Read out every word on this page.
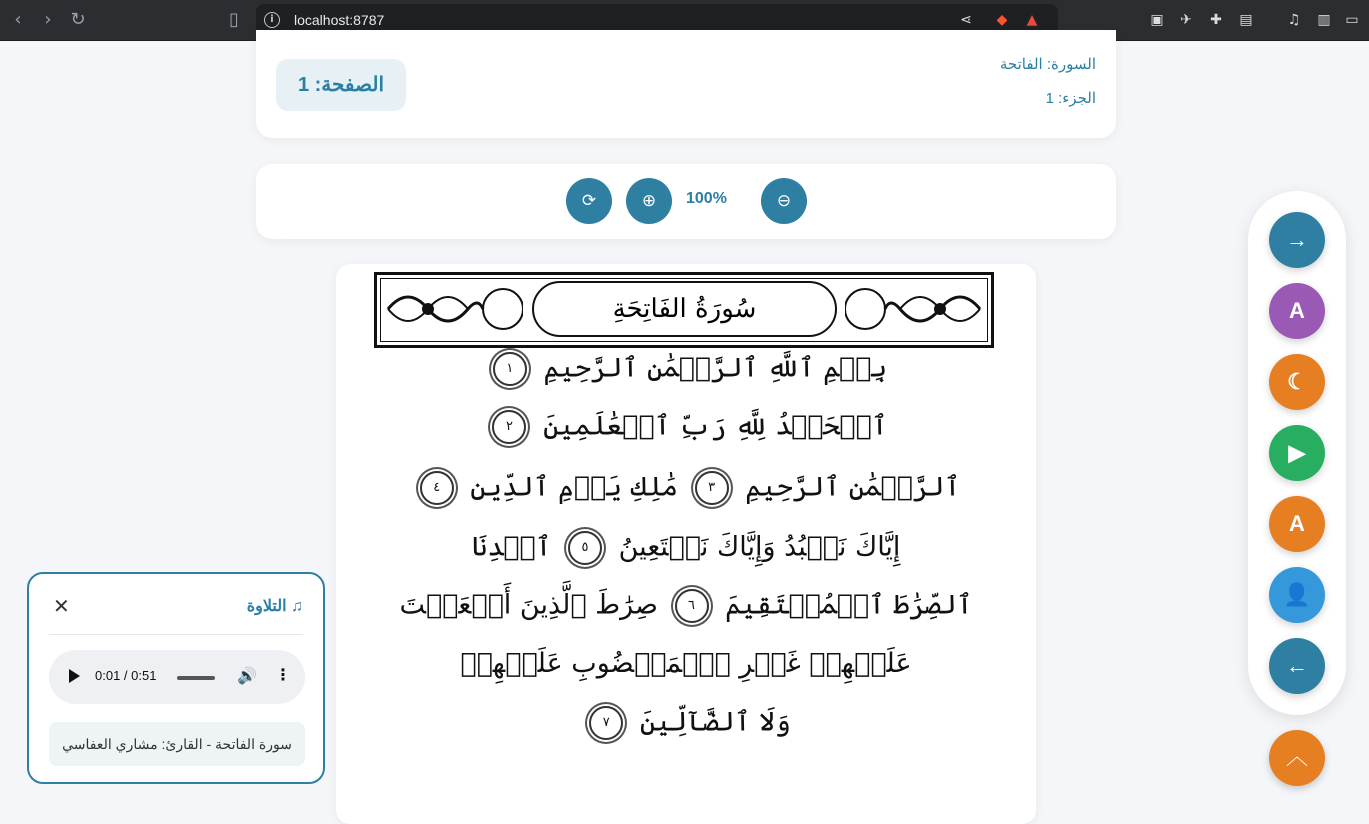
‹	›	↻	▯	i	localhost:8787	⋖	◆	▲	▣ ✈ ✚ ▤	♫ ▥ ▭
السورة: الفاتحة
الجزء: 1
الصفحة: 1
⟳	⊕	100%	⊖
سُورَةُ الفَاتِحَةِ
بِسۡمِ ٱللَّهِ ٱلرَّحۡمَٰنِ ٱلرَّحِيمِ ١
ٱلۡحَمۡدُ لِلَّهِ رَبِّ ٱلۡعَٰلَمِينَ ٢
ٱلرَّحۡمَٰنِ ٱلرَّحِيمِ ٣ مَٰلِكِ يَوۡمِ ٱلدِّينِ ٤
إِيَّاكَ نَعۡبُدُ وَإِيَّاكَ نَسۡتَعِينُ ٥ ٱهۡدِنَا
ٱلصِّرَٰطَ ٱلۡمُسۡتَقِيمَ ٦ صِرَٰطَ ٱلَّذِينَ أَنۡعَمۡتَ
عَلَيۡهِمۡ غَيۡرِ ٱلۡمَغۡضُوبِ عَلَيۡهِمۡ
وَلَا ٱلضَّآلِّينَ ٧
♫ التلاوة
✕
0:01 / 0:51	🔊 ⋮
سورة الفاتحة - القارئ: مشاري العفاسي
→
A
☾
▶
A
👤
←
︿
